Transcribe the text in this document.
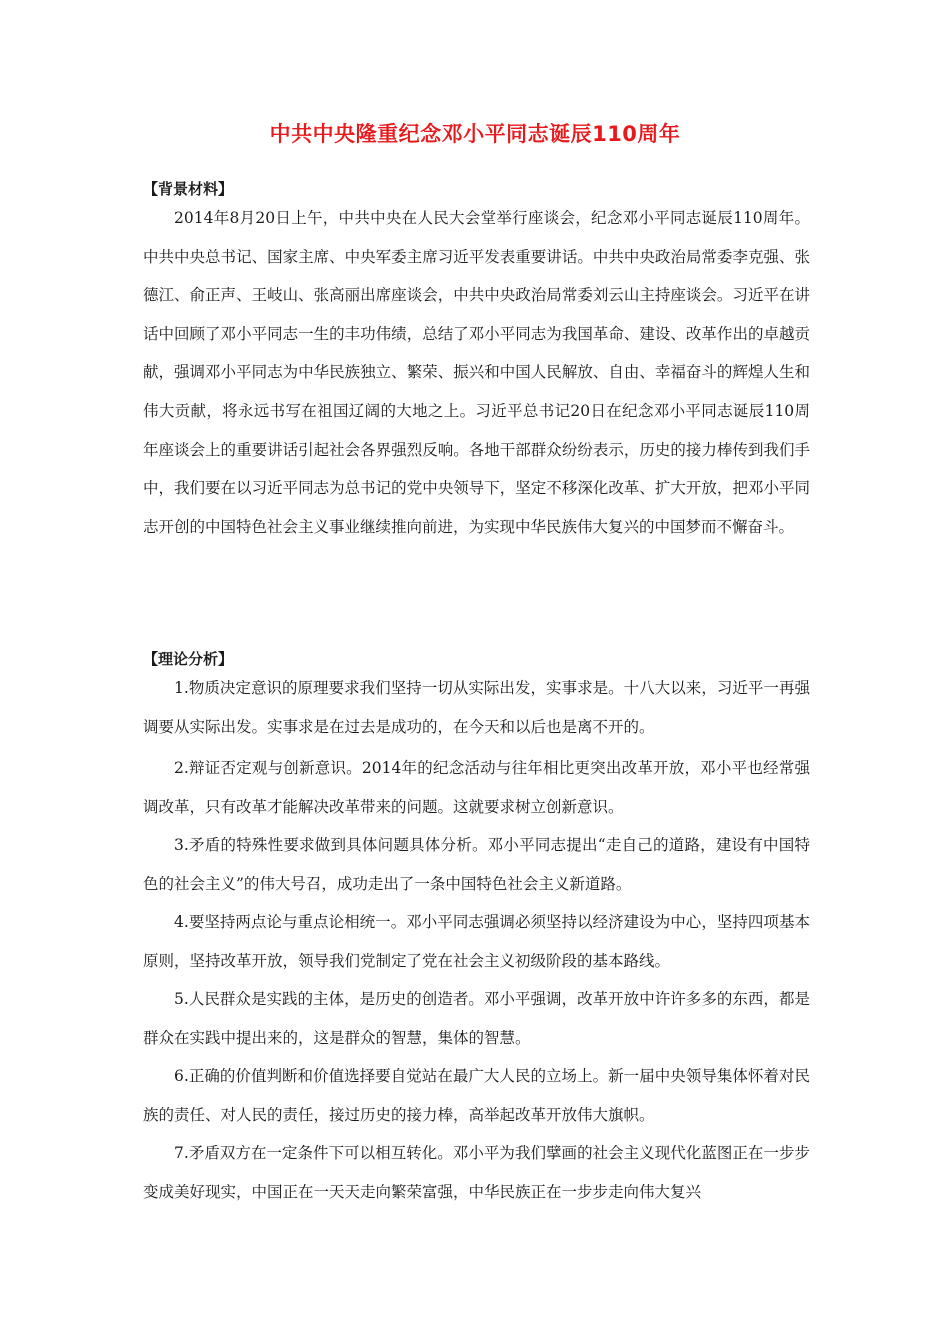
中共中央隆重纪念邓小平同志诞辰110周年
【背景材料】
2014年8月20日上午，中共中央在人民大会堂举行座谈会，纪念邓小平同志诞辰110周年。中共中央总书记、国家主席、中央军委主席习近平发表重要讲话。中共中央政治局常委李克强、张德江、俞正声、王岐山、张高丽出席座谈会，中共中央政治局常委刘云山主持座谈会。习近平在讲话中回顾了邓小平同志一生的丰功伟绩，总结了邓小平同志为我国革命、建设、改革作出的卓越贡献，强调邓小平同志为中华民族独立、繁荣、振兴和中国人民解放、自由、幸福奋斗的辉煌人生和伟大贡献，将永远书写在祖国辽阔的大地之上。习近平总书记20日在纪念邓小平同志诞辰110周年座谈会上的重要讲话引起社会各界强烈反响。各地干部群众纷纷表示，历史的接力棒传到我们手中，我们要在以习近平同志为总书记的党中央领导下，坚定不移深化改革、扩大开放，把邓小平同志开创的中国特色社会主义事业继续推向前进，为实现中华民族伟大复兴的中国梦而不懈奋斗。
【理论分析】
1.物质决定意识的原理要求我们坚持一切从实际出发，实事求是。十八大以来，习近平一再强调要从实际出发。实事求是在过去是成功的，在今天和以后也是离不开的。
2.辩证否定观与创新意识。2014年的纪念活动与往年相比更突出改革开放，邓小平也经常强调改革，只有改革才能解决改革带来的问题。这就要求树立创新意识。
3.矛盾的特殊性要求做到具体问题具体分析。邓小平同志提出“走自己的道路，建设有中国特色的社会主义”的伟大号召，成功走出了一条中国特色社会主义新道路。
4.要坚持两点论与重点论相统一。邓小平同志强调必须坚持以经济建设为中心，坚持四项基本原则，坚持改革开放，领导我们党制定了党在社会主义初级阶段的基本路线。
5.人民群众是实践的主体，是历史的创造者。邓小平强调，改革开放中许许多多的东西，都是群众在实践中提出来的，这是群众的智慧，集体的智慧。
6.正确的价值判断和价值选择要自觉站在最广大人民的立场上。新一届中央领导集体怀着对民族的责任、对人民的责任，接过历史的接力棒，高举起改革开放伟大旗帜。
7.矛盾双方在一定条件下可以相互转化。邓小平为我们擘画的社会主义现代化蓝图正在一步步变成美好现实，中国正在一天天走向繁荣富强，中华民族正在一步步走向伟大复兴
